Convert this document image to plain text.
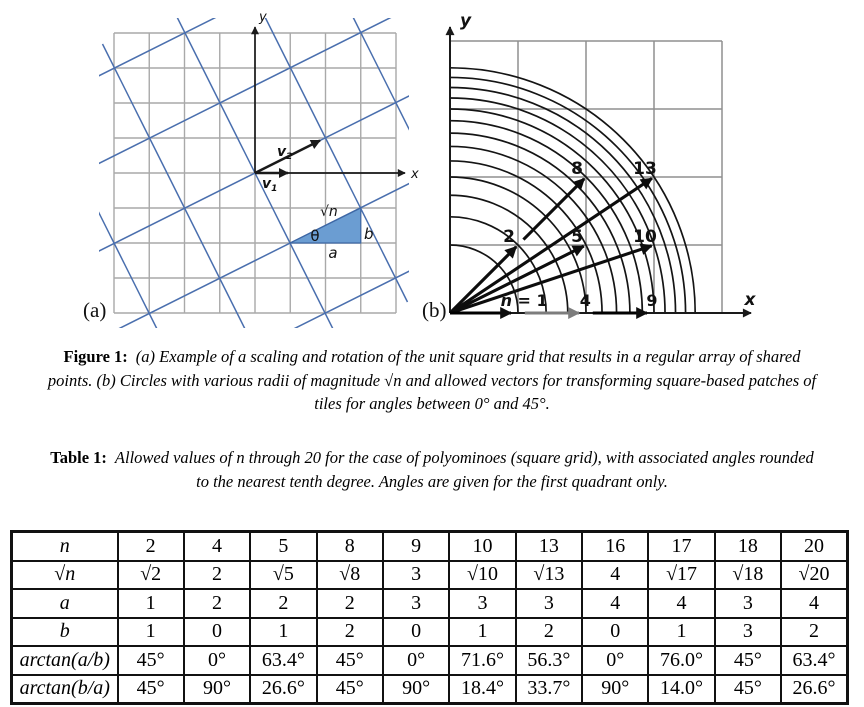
y
x
$v_1$
$v_2$
θ
a
b
√n
(a)	x
y
2	5
8
10
13
n = 1 4	9
(b)
Figure 1: (a) Example of a scaling and rotation of the unit square grid that results in a regular array of shared
points. (b) Circles with various radii of magnitude √n and allowed vectors for transforming square-based patches of
tiles for angles between 0° and 45°.
Table 1: Allowed values of n through 20 for the case of polyominoes (square grid), with associated angles rounded
to the nearest tenth degree. Angles are given for the first quadrant only.
n	2	4	5	8	9	10	13	16	17	18	20
√n	√2	2	√5	√8	3	√10	√13	4	√17	√18	√20
a	1	2	2	2	3	3	3	4	4	3	4
b	1	0	1	2	0	1	2	0	1	3	2
arctan(a/b)	45°	0°	63.4°	45°	0°	71.6°	56.3°	0°	76.0°	45°	63.4°
arctan(b/a)	45°	90°	26.6°	45°	90°	18.4°	33.7°	90°	14.0°	45°	26.6°
